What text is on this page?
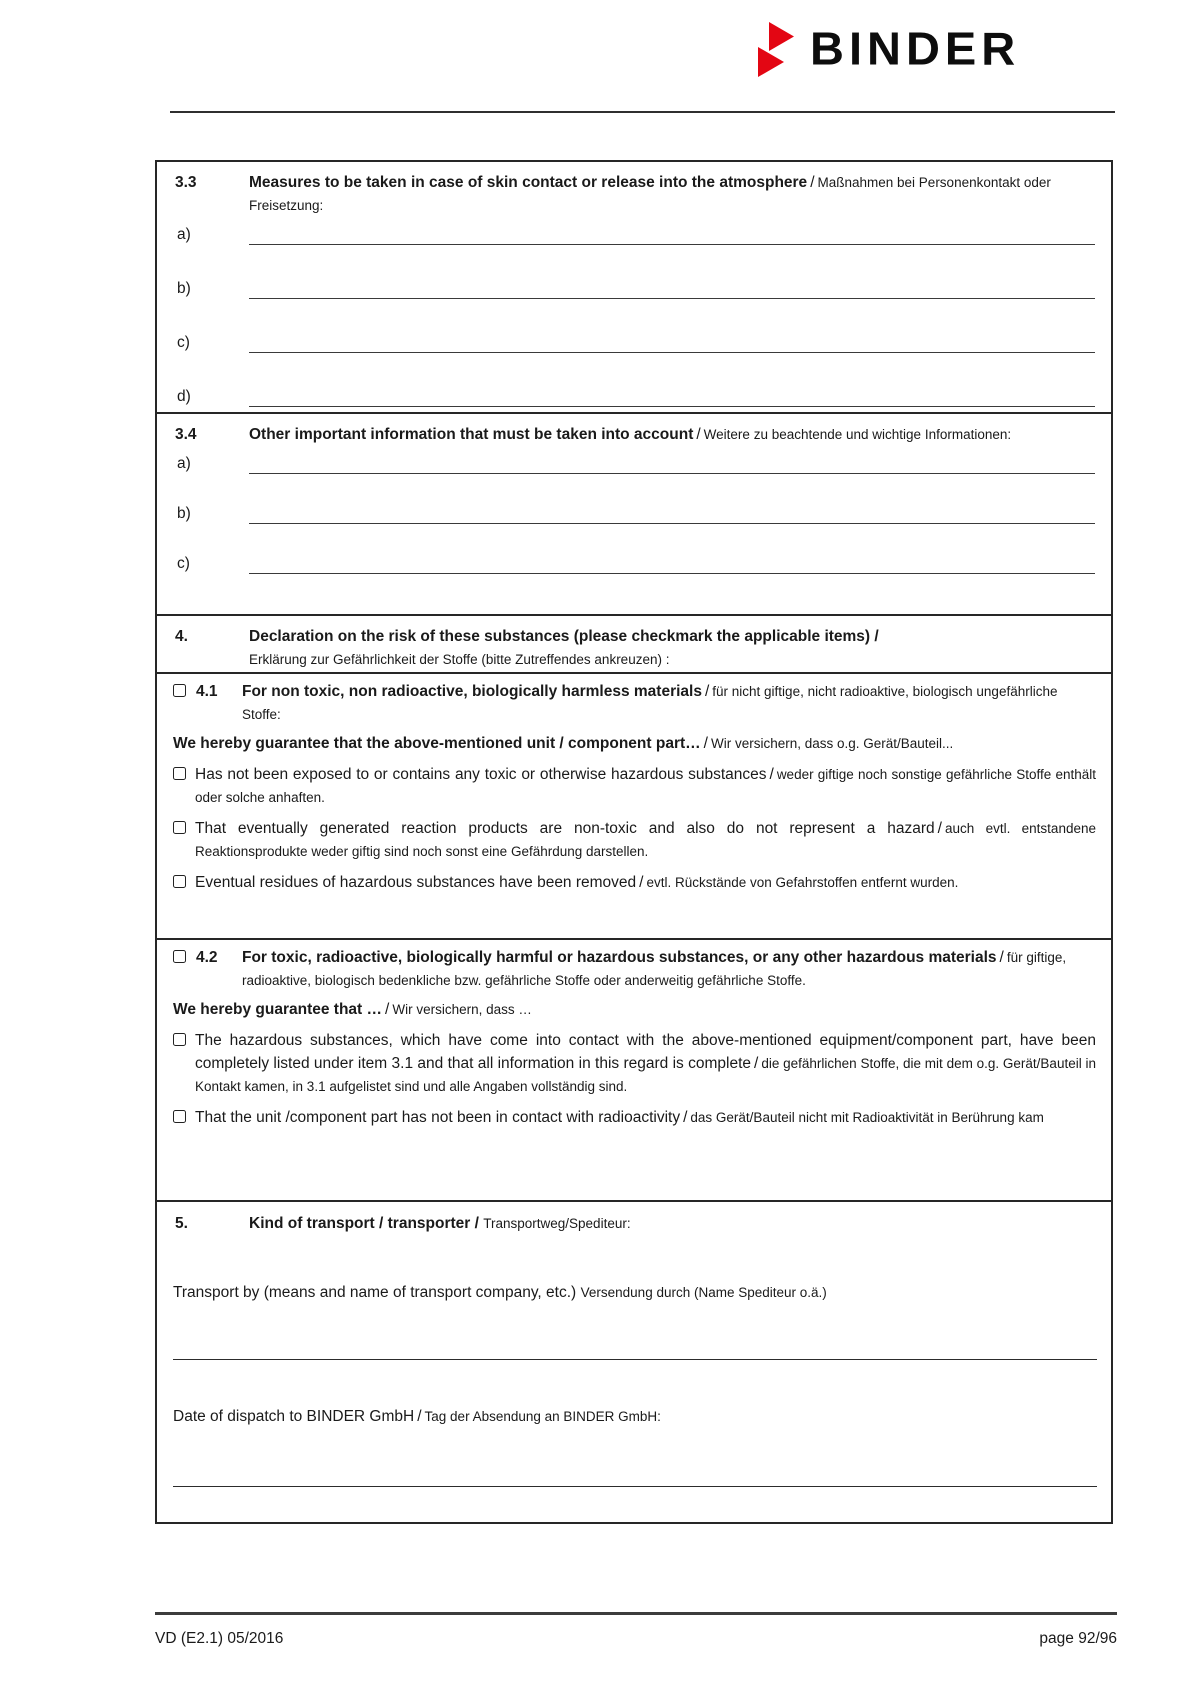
BINDER
3.3	Measures to be taken in case of skin contact or release into the atmosphere / Maßnahmen bei Personenkontakt oder Freisetzung:
a)
b)
c)
d)
3.4	Other important information that must be taken into account / Weitere zu beachtende und wichtige Informationen:
a)
b)
c)
4.	Declaration on the risk of these substances (please checkmark the applicable items) /
Erklärung zur Gefährlichkeit der Stoffe (bitte Zutreffendes ankreuzen) :
4.1	For non toxic, non radioactive, biologically harmless materials / für nicht giftige, nicht radioaktive, biologisch ungefährliche Stoffe:
We hereby guarantee that the above-mentioned unit / component part… / Wir versichern, dass o.g. Gerät/Bauteil...
Has not been exposed to or contains any toxic or otherwise hazardous substances / weder giftige noch sonstige gefährliche Stoffe enthält oder solche anhaften.
That eventually generated reaction products are non-toxic and also do not represent a hazard / auch evtl. entstandene Reaktionsprodukte weder giftig sind noch sonst eine Gefährdung darstellen.
Eventual residues of hazardous substances have been removed / evtl. Rückstände von Gefahrstoffen entfernt wurden.
4.2	For toxic, radioactive, biologically harmful or hazardous substances, or any other hazardous materials / für giftige, radioaktive, biologisch bedenkliche bzw. gefährliche Stoffe oder anderweitig gefährliche Stoffe.
We hereby guarantee that … / Wir versichern, dass …
The hazardous substances, which have come into contact with the above-mentioned equipment/component part, have been completely listed under item 3.1 and that all information in this regard is complete / die gefährlichen Stoffe, die mit dem o.g. Gerät/Bauteil in Kontakt kamen, in 3.1 aufgelistet sind und alle Angaben vollständig sind.
That the unit /component part has not been in contact with radioactivity / das Gerät/Bauteil nicht mit Radioaktivität in Berührung kam
5.	Kind of transport / transporter / Transportweg/Spediteur:
Transport by (means and name of transport company, etc.) Versendung durch (Name Spediteur o.ä.)
Date of dispatch to BINDER GmbH / Tag der Absendung an BINDER GmbH:
VD (E2.1) 05/2016	page 92/96
